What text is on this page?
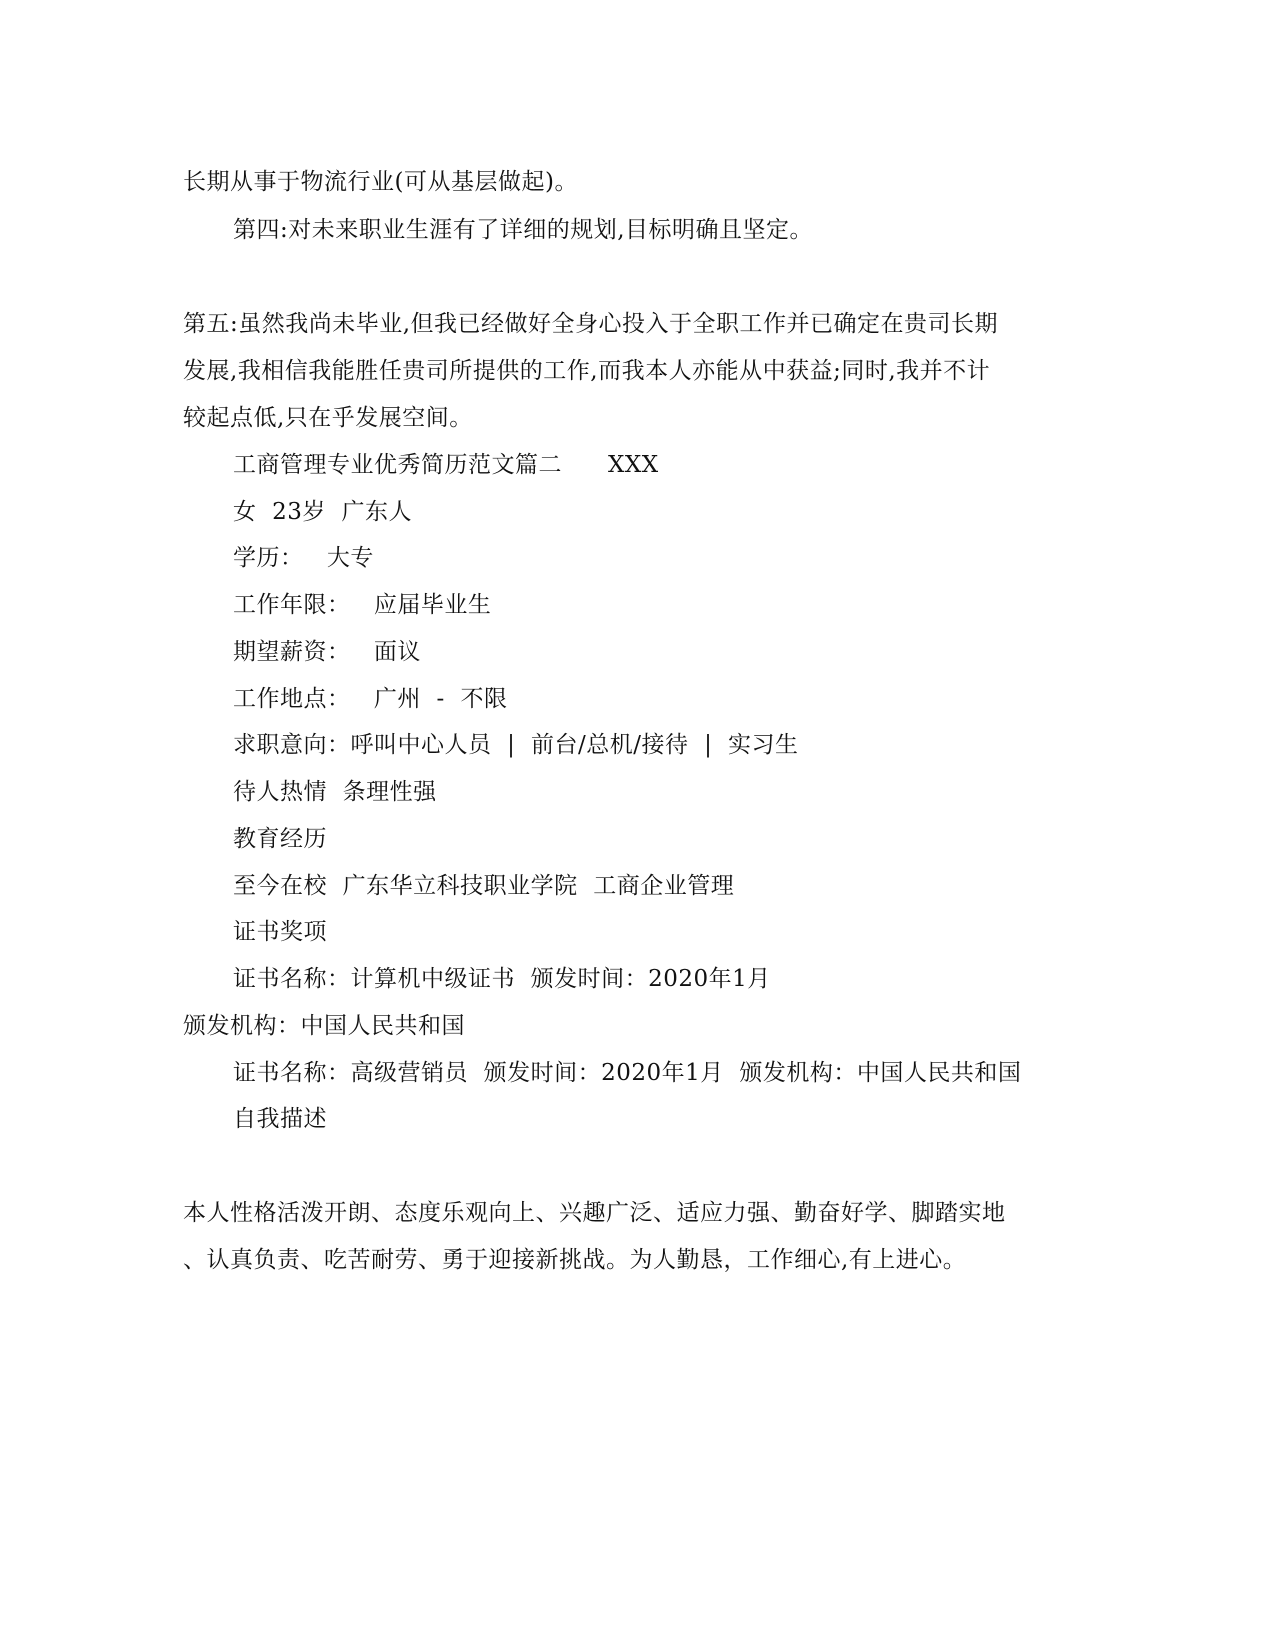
长期从事于物流行业(可从基层做起)。
第四:对未来职业生涯有了详细的规划,目标明确且坚定。
第五:虽然我尚未毕业,但我已经做好全身心投入于全职工作并已确定在贵司长期
发展,我相信我能胜任贵司所提供的工作,而我本人亦能从中获益;同时,我并不计
较起点低,只在乎发展空间。
工商管理专业优秀简历范文篇二 XXX
女  23岁  广东人
学历：   大专
工作年限：   应届毕业生
期望薪资：   面议
工作地点：   广州  -  不限
求职意向：呼叫中心人员  |  前台/总机/接待  |  实习生
待人热情  条理性强
教育经历
至今在校  广东华立科技职业学院  工商企业管理
证书奖项
证书名称：计算机中级证书  颁发时间：2020年1月
颁发机构：中国人民共和国
证书名称：高级营销员  颁发时间：2020年1月  颁发机构：中国人民共和国
自我描述
本人性格活泼开朗、态度乐观向上、兴趣广泛、适应力强、勤奋好学、脚踏实地
、认真负责、吃苦耐劳、勇于迎接新挑战。为人勤恳，工作细心,有上进心。
